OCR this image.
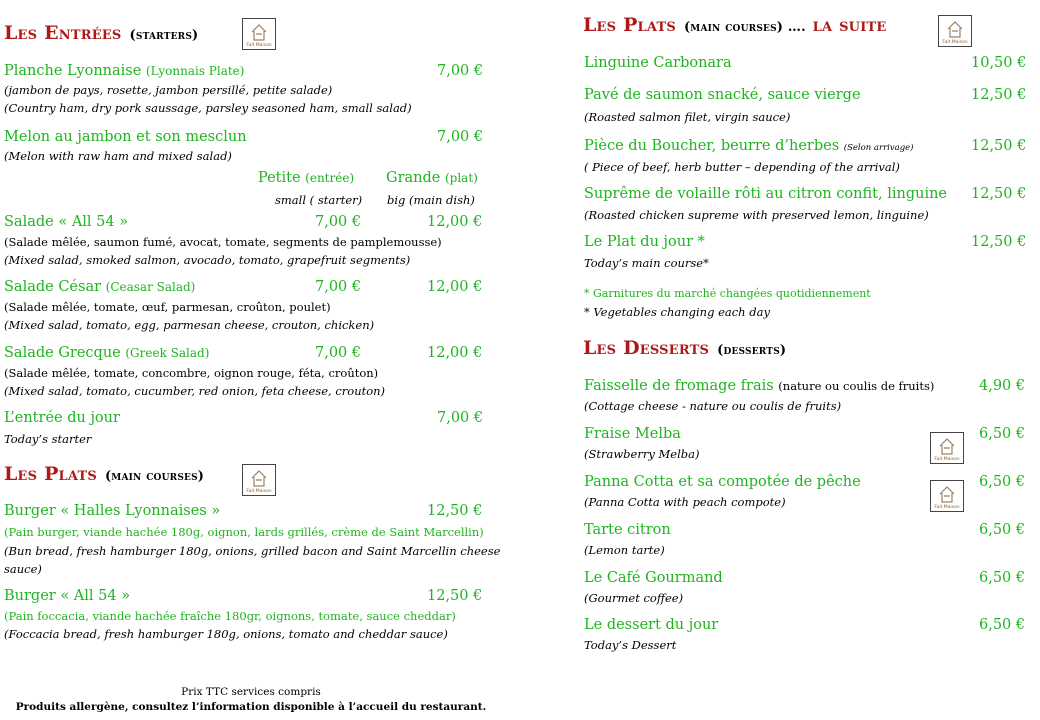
Les Entrées (starters)
Fait Maison
Planche Lyonnaise (Lyonnais Plate)	7,00 €
(jambon de pays, rosette, jambon persillé, petite salade)
(Country ham, dry pork saussage, parsley seasoned ham, small salad)
Melon au jambon et son mesclun	7,00 €
(Melon with raw ham and mixed salad)
Petite (entrée) Grande (plat)
small ( starter) big (main dish)
Salade « All 54 »	7,00 €	12,00 €
(Salade mêlée, saumon fumé, avocat, tomate, segments de pamplemousse)
(Mixed salad, smoked salmon, avocado, tomato, grapefruit segments)
Salade César (Ceasar Salad)	7,00 €	12,00 €
(Salade mêlée, tomate, œuf, parmesan, croûton, poulet)
(Mixed salad, tomato, egg, parmesan cheese, crouton, chicken)
Salade Grecque (Greek Salad)	7,00 €	12,00 €
(Salade mêlée, tomate, concombre, oignon rouge, féta, croûton)
(Mixed salad, tomato, cucumber, red onion, feta cheese, crouton)
L’entrée du jour	7,00 €
Today’s starter
Les Plats (main courses)
Fait Maison
Burger « Halles Lyonnaises »	12,50 €
(Pain burger, viande hachée 180g, oignon, lards grillés, crème de Saint Marcellin)
(Bun bread, fresh hamburger 180g, onions, grilled bacon and Saint Marcellin cheese
sauce)
Burger « All 54 »	12,50 €
(Pain foccacia, viande hachée fraîche 180gr, oignons, tomate, sauce cheddar)
(Foccacia bread, fresh hamburger 180g, onions, tomato and cheddar sauce)
Prix TTC services compris
Produits allergène, consultez l’information disponible à l’accueil du restaurant.
Les Plats (main courses) …. la suite
Fait Maison
Linguine Carbonara	10,50 €
Pavé de saumon snacké, sauce vierge	12,50 €
(Roasted salmon filet, virgin sauce)
Pièce du Boucher, beurre d’herbes (Selon arrivage)	12,50 €
( Piece of beef, herb butter – depending of the arrival)
Suprême de volaille rôti au citron confit, linguine 12,50 €
(Roasted chicken supreme with preserved lemon, linguine)
Le Plat du jour *	12,50 €
Today’s main course*
* Garnitures du marché changées quotidiennement
* Vegetables changing each day
Les Desserts (desserts)
Faisselle de fromage frais (nature ou coulis de fruits)	4,90 €
(Cottage cheese - nature ou coulis de fruits)
Fraise Melba	6,50 €
(Strawberry Melba)	Fait Maison
Panna Cotta et sa compotée de pêche	6,50 €
(Panna Cotta with peach compote)	Fait Maison
Tarte citron	6,50 €
(Lemon tarte)
Le Café Gourmand	6,50 €
(Gourmet coffee)
Le dessert du jour	6,50 €
Today’s Dessert
